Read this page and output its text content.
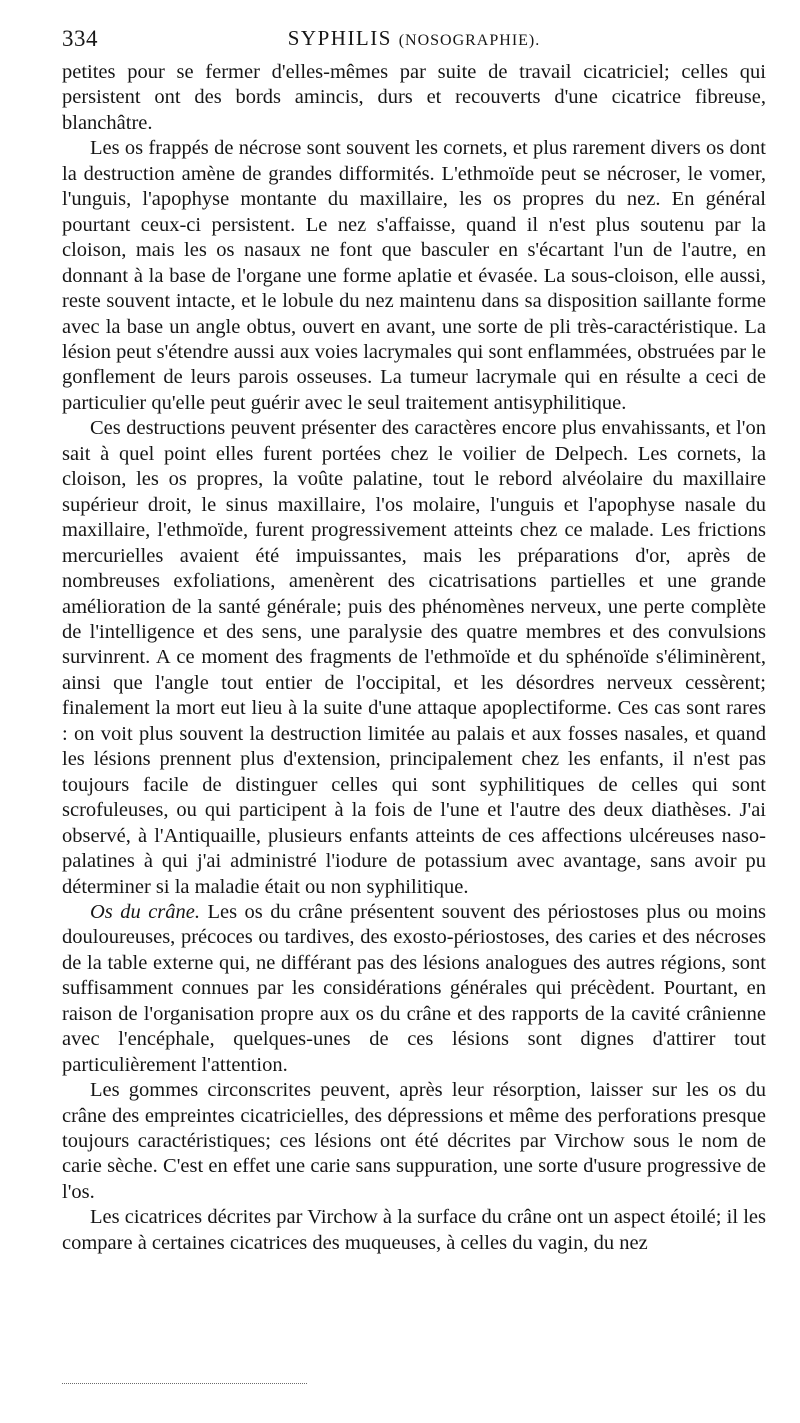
334	SYPHILIS (NOSOGRAPHIE).

petites pour se fermer d'elles-mêmes par suite de travail cicatriciel; celles qui persistent ont des bords amincis, durs et recouverts d'une cicatrice fibreuse, blanchâtre.

Les os frappés de nécrose sont souvent les cornets, et plus rarement divers os dont la destruction amène de grandes difformités. L'ethmoïde peut se nécroser, le vomer, l'unguis, l'apophyse montante du maxillaire, les os propres du nez. En général pourtant ceux-ci persistent. Le nez s'affaisse, quand il n'est plus soutenu par la cloison, mais les os nasaux ne font que basculer en s'écartant l'un de l'autre, en donnant à la base de l'organe une forme aplatie et évasée. La sous-cloison, elle aussi, reste souvent intacte, et le lobule du nez maintenu dans sa disposition saillante forme avec la base un angle obtus, ouvert en avant, une sorte de pli très-caractéristique. La lésion peut s'étendre aussi aux voies lacrymales qui sont enflammées, obstruées par le gonflement de leurs parois osseuses. La tumeur lacrymale qui en résulte a ceci de particulier qu'elle peut guérir avec le seul traitement antisyphilitique.

Ces destructions peuvent présenter des caractères encore plus envahissants, et l'on sait à quel point elles furent portées chez le voilier de Delpech. Les cornets, la cloison, les os propres, la voûte palatine, tout le rebord alvéolaire du maxillaire supérieur droit, le sinus maxillaire, l'os molaire, l'unguis et l'apophyse nasale du maxillaire, l'ethmoïde, furent progressivement atteints chez ce malade. Les frictions mercurielles avaient été impuissantes, mais les préparations d'or, après de nombreuses exfoliations, amenèrent des cicatrisations partielles et une grande amélioration de la santé générale; puis des phénomènes nerveux, une perte complète de l'intelligence et des sens, une paralysie des quatre membres et des convulsions survinrent. A ce moment des fragments de l'ethmoïde et du sphénoïde s'éliminèrent, ainsi que l'angle tout entier de l'occipital, et les désordres nerveux cessèrent; finalement la mort eut lieu à la suite d'une attaque apoplectiforme. Ces cas sont rares : on voit plus souvent la destruction limitée au palais et aux fosses nasales, et quand les lésions prennent plus d'extension, principalement chez les enfants, il n'est pas toujours facile de distinguer celles qui sont syphilitiques de celles qui sont scrofuleuses, ou qui participent à la fois de l'une et l'autre des deux diathèses. J'ai observé, à l'Antiquaille, plusieurs enfants atteints de ces affections ulcéreuses naso-palatines à qui j'ai administré l'iodure de potassium avec avantage, sans avoir pu déterminer si la maladie était ou non syphilitique.

Os du crâne. Les os du crâne présentent souvent des périostoses plus ou moins douloureuses, précoces ou tardives, des exosto-périostoses, des caries et des nécroses de la table externe qui, ne différant pas des lésions analogues des autres régions, sont suffisamment connues par les considérations générales qui précèdent. Pourtant, en raison de l'organisation propre aux os du crâne et des rapports de la cavité crânienne avec l'encéphale, quelques-unes de ces lésions sont dignes d'attirer tout particulièrement l'attention.

Les gommes circonscrites peuvent, après leur résorption, laisser sur les os du crâne des empreintes cicatricielles, des dépressions et même des perforations presque toujours caractéristiques; ces lésions ont été décrites par Virchow sous le nom de carie sèche. C'est en effet une carie sans suppuration, une sorte d'usure progressive de l'os.

Les cicatrices décrites par Virchow à la surface du crâne ont un aspect étoilé; il les compare à certaines cicatrices des muqueuses, à celles du vagin, du nez
